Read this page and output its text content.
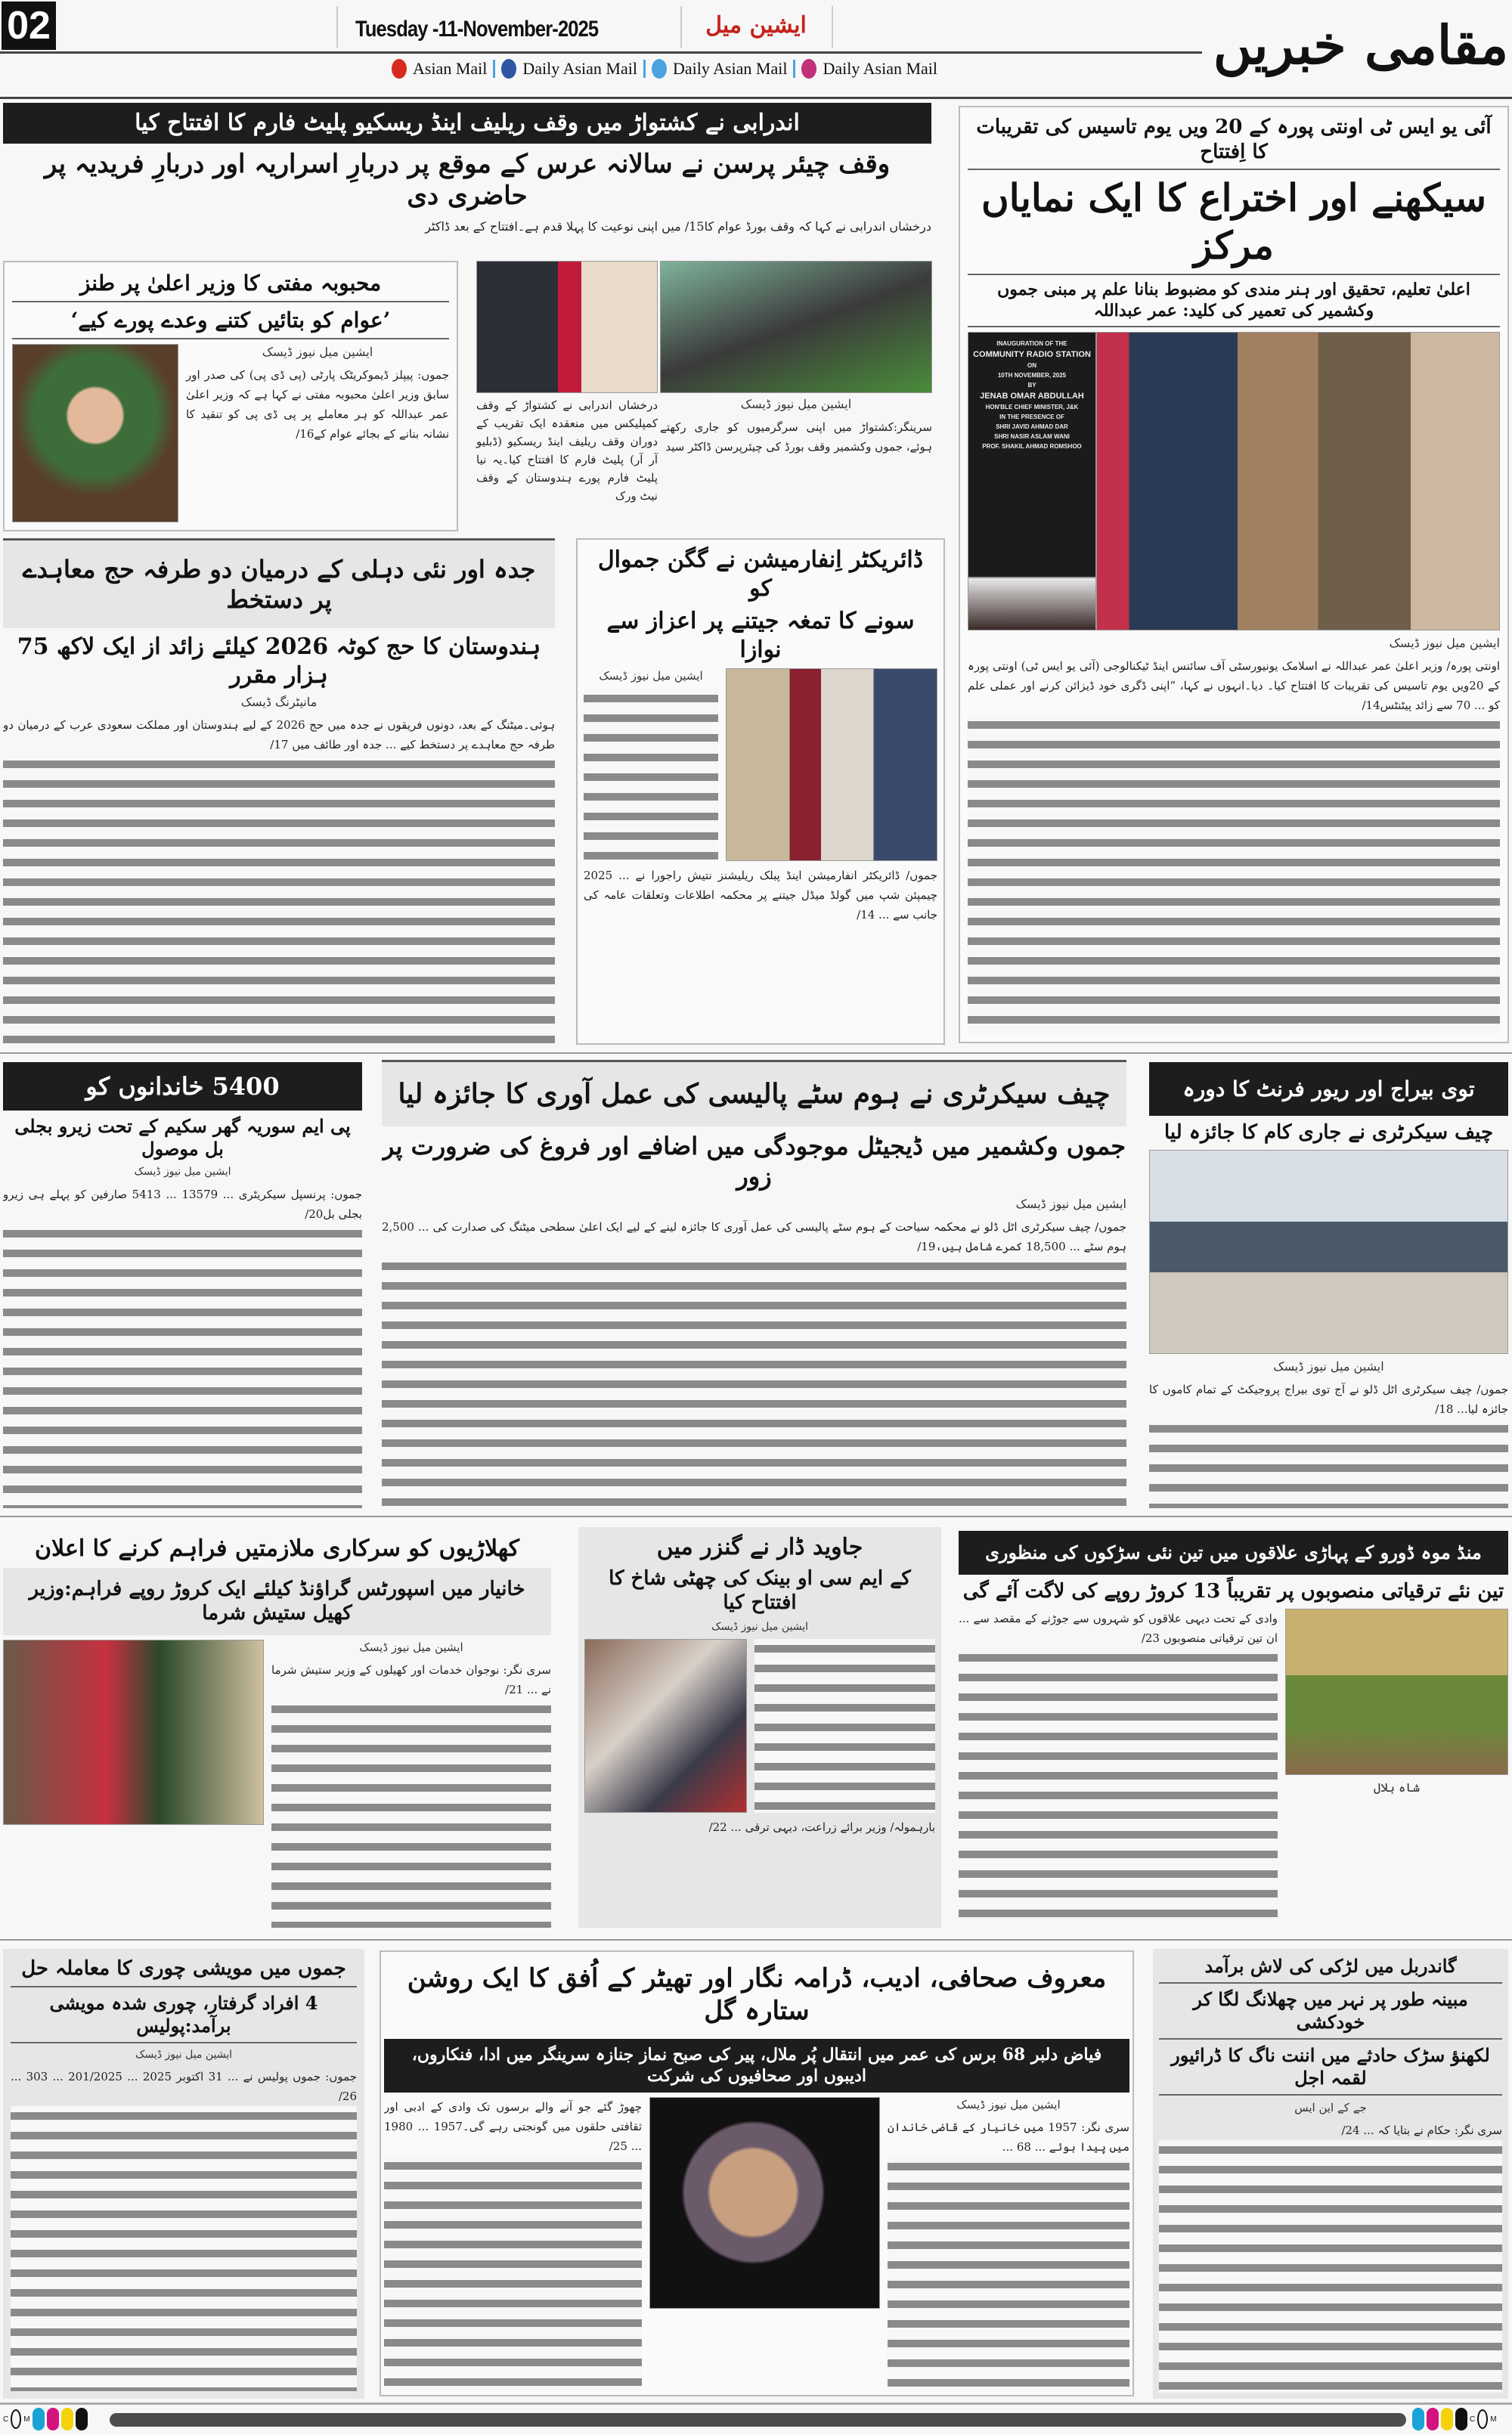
02	Tuesday -11-November-2025	ایشین میل	مقامی خبریں
Asian Mail Daily Asian Mail Daily Asian Mail Daily Asian Mail
اندرابی نے کشتواڑ میں وقف ریلیف اینڈ ریسکیو پلیٹ فارم کا افتتاح کیا
وقف چیئر پرسن نے سالانہ عرس کے موقع پر دربارِ اسراریہ اور دربارِ فریدیہ پر حاضری دی
درخشاں اندرابی نے کہا کہ وقف بورڈ عوام کا15/ میں اپنی نوعیت کا پہلا قدم ہے۔افتتاح کے بعد ڈاکٹر
درخشاں اندرابی نے کشتواڑ کے وقف کمپلیکس میں منعقدہ ایک تقریب کے دوران وقف ریلیف اینڈ ریسکیو (ڈبلیو آر آر) پلیٹ فارم کا افتتاح کیا۔یہ نیا پلیٹ فارم پورے ہندوستان کے وقف نیٹ ورک
ایشین میل نیوز ڈیسک
سرینگر:کشتواڑ میں اپنی سرگرمیوں کو جاری رکھتے ہوئے، جموں وکشمیر وقف بورڈ کی چیئرپرسن ڈاکٹر سید
محبوبہ مفتی کا وزیر اعلیٰ پر طنز
’عوام کو بتائیں کتنے وعدے پورے کیے‘
ایشین میل نیوز ڈیسک
جموں: پیپلز ڈیموکریٹک پارٹی (پی ڈی پی) کی صدر اور سابق وزیر اعلیٰ محبوبہ مفتی نے کہا ہے کہ وزیر اعلیٰ عمر عبداللہ کو ہر معاملے پر پی ڈی پی کو تنقید کا نشانہ بنانے کے بجائے عوام کے16/
آئی یو ایس ٹی اونتی پورہ کے 20 ویں یوم تاسیس کی تقریبات کا اِفتتاح
سیکھنے اور اختراع کا ایک نمایاں مرکز
اعلیٰ تعلیم، تحقیق اور ہنر مندی کو مضبوط بنانا علم پر مبنی جموں وکشمیر کی تعمیر کی کلید: عمر عبداللہ
INAUGURATION OF THE
COMMUNITY RADIO STATION
ON
10TH NOVEMBER, 2025
BY
JENAB OMAR ABDULLAH
HON'BLE CHIEF MINISTER, J&K
IN THE PRESENCE OF
SHRI JAVID AHMAD DAR
SHRI NASIR ASLAM WANI
PROF. SHAKIL AHMAD ROMSHOO
ایشین میل نیوز ڈیسک
اونتی پورہ/ وزیر اعلیٰ عمر عبداللہ نے اسلامک یونیورسٹی آف سائنس اینڈ ٹیکنالوجی (آئی یو ایس ٹی) اونتی پورہ کے 20ویں یوم تاسیس کی تقریبات کا افتتاح کیا۔ دیا۔انہوں نے کہا، ”اپنی ڈگری خود ڈیزائن کرنے اور عملی علم کو ... 70 سے زائد پیٹنٹس14/
جدہ اور نئی دہلی کے درمیان دو طرفہ حج معاہدے پر دستخط
ہندوستان کا حج کوٹہ 2026 کیلئے زائد از ایک لاکھ 75 ہزار مقرر
مانیٹرنگ ڈیسک
ہوئی۔میٹنگ کے بعد، دونوں فریقوں نے جدہ میں حج 2026 کے لیے ہندوستان اور مملکت سعودی عرب کے درمیان دو طرفہ حج معاہدے پر دستخط کیے ... جدہ اور طائف میں 17/
ڈائریکٹر اِنفارمیشن نے گگن جموال کو
سونے کا تمغہ جیتنے پر اعزاز سے نوازا
ایشین میل نیوز ڈیسک
جموں/ ڈائریکٹر انفارمیشن اینڈ پبلک ریلیشنز نتیش راجورا نے ... 2025 چیمپئن شپ میں گولڈ میڈل جیتنے پر محکمہ اطلاعات وتعلقات عامہ کی جانب سے ... 14/
5400 خاندانوں کو
پی ایم سوریہ گھر سکیم کے تحت زیرو بجلی بل موصول
ایشین میل نیوز ڈیسک
جموں: پرنسپل سیکریٹری ... 13579 ... 5413 صارفین کو پہلے ہی زیرو بجلی بل20/
چیف سیکرٹری نے ہوم سٹے پالیسی کی عمل آوری کا جائزہ لیا
جموں وکشمیر میں ڈیجیٹل موجودگی میں اضافے اور فروغ کی ضرورت پر زور
ایشین میل نیوز ڈیسک
جموں/ چیف سیکرٹری اٹل ڈلو نے محکمہ سیاحت کے ہوم سٹے پالیسی کی عمل آوری کا جائزہ لینے کے لیے ایک اعلیٰ سطحی میٹنگ کی صدارت کی ... 2,500 ہوم سٹے ... 18,500 کمرے شامل ہیں،19/
توی بیراج اور ریور فرنٹ کا دورہ
چیف سیکرٹری نے جاری کام کا جائزہ لیا
ایشین میل نیوز ڈیسک
جموں/ چیف سیکرٹری اٹل ڈلو نے آج توی بیراج پروجیکٹ کے تمام کاموں کا جائزہ لیا... 18/
کھلاڑیوں کو سرکاری ملازمتیں فراہم کرنے کا اعلان
خانیار میں اسپورٹس گراؤنڈ کیلئے ایک کروڑ روپے فراہم:وزیر کھیل ستیش شرما
ایشین میل نیوز ڈیسک
سری نگر: نوجوان خدمات اور کھیلوں کے وزیر ستیش شرما نے ... 21/
جاوید ڈار نے گنزر میں
کے ایم سی او بینک کی چھٹی شاخ کا افتتاح کیا
ایشین میل نیوز ڈیسک
بارہمولہ/ وزیر برائے زراعت، دیہی ترقی ... 22/
منڈ موہ ڈورو کے پہاڑی علاقوں میں تین نئی سڑکوں کی منظوری
تین نئے ترقیاتی منصوبوں پر تقریباً 13 کروڑ روپے کی لاگت آئے گی
شاہ ہلال
وادی کے تحت دیہی علاقوں کو شہروں سے جوڑنے کے مقصد سے ... ان تین ترقیاتی منصوبوں 23/
جموں میں مویشی چوری کا معاملہ حل
4 افراد گرفتار، چوری شدہ مویشی برآمد:پولیس
ایشین میل نیوز ڈیسک
جموں: جموں پولیس نے ... 31 اکتوبر 2025 ... 201/2025 ... 303 ... 26/
معروف صحافی، ادیب، ڈرامہ نگار اور تھیٹر کے اُفق کا ایک روشن ستارہ گل
فیاض دلبر 68 برس کی عمر میں انتقال پُر ملال، پیر کی صبح نماز جنازہ سرینگر میں ادا، فنکاروں، ادیبوں اور صحافیوں کی شرکت
ایشین میل نیوز ڈیسک
سری نگر: 1957 میں خانیار کے قاضی خاندان میں پیدا ہوئے ... 68 ...
چھوڑ گئے جو آنے والے برسوں تک وادی کے ادبی اور ثقافتی حلقوں میں گونجتی رہے گی۔1957 ... 1980 ... 25/
گاندربل میں لڑکی کی لاش برآمد
مبینہ طور پر نہر میں چھلانگ لگا کر خودکشی
لکھنؤ سڑک حادثے میں اننت ناگ کا ڈرائیور لقمہ اجل
جے کے این ایس
سری نگر: حکام نے بتایا کہ ... 24/
C M	C M
